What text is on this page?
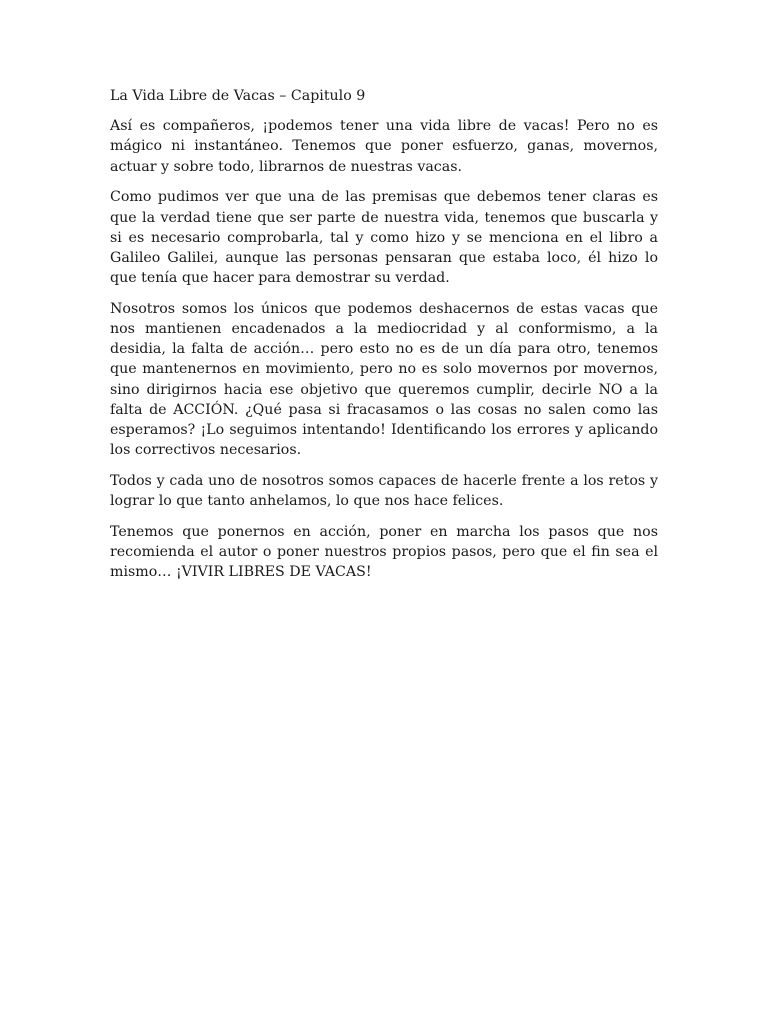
La Vida Libre de Vacas – Capitulo 9

Así es compañeros, ¡podemos tener una vida libre de vacas! Pero no es mágico ni instantáneo. Tenemos que poner esfuerzo, ganas, movernos, actuar y sobre todo, librarnos de nuestras vacas.

Como pudimos ver que una de las premisas que debemos tener claras es que la verdad tiene que ser parte de nuestra vida, tenemos que buscarla y si es necesario comprobarla, tal y como hizo y se menciona en el libro a Galileo Galilei, aunque las personas pensaran que estaba loco, él hizo lo que tenía que hacer para demostrar su verdad.

Nosotros somos los únicos que podemos deshacernos de estas vacas que nos mantienen encadenados a la mediocridad y al conformismo, a la desidia, la falta de acción… pero esto no es de un día para otro, tenemos que mantenernos en movimiento, pero no es solo movernos por movernos, sino dirigirnos hacia ese objetivo que queremos cumplir, decirle NO a la falta de ACCIÓN. ¿Qué pasa si fracasamos o las cosas no salen como las esperamos? ¡Lo seguimos intentando! Identificando los errores y aplicando los correctivos necesarios.

Todos y cada uno de nosotros somos capaces de hacerle frente a los retos y lograr lo que tanto anhelamos, lo que nos hace felices.

Tenemos que ponernos en acción, poner en marcha los pasos que nos recomienda el autor o poner nuestros propios pasos, pero que el fin sea el mismo… ¡VIVIR LIBRES DE VACAS!
